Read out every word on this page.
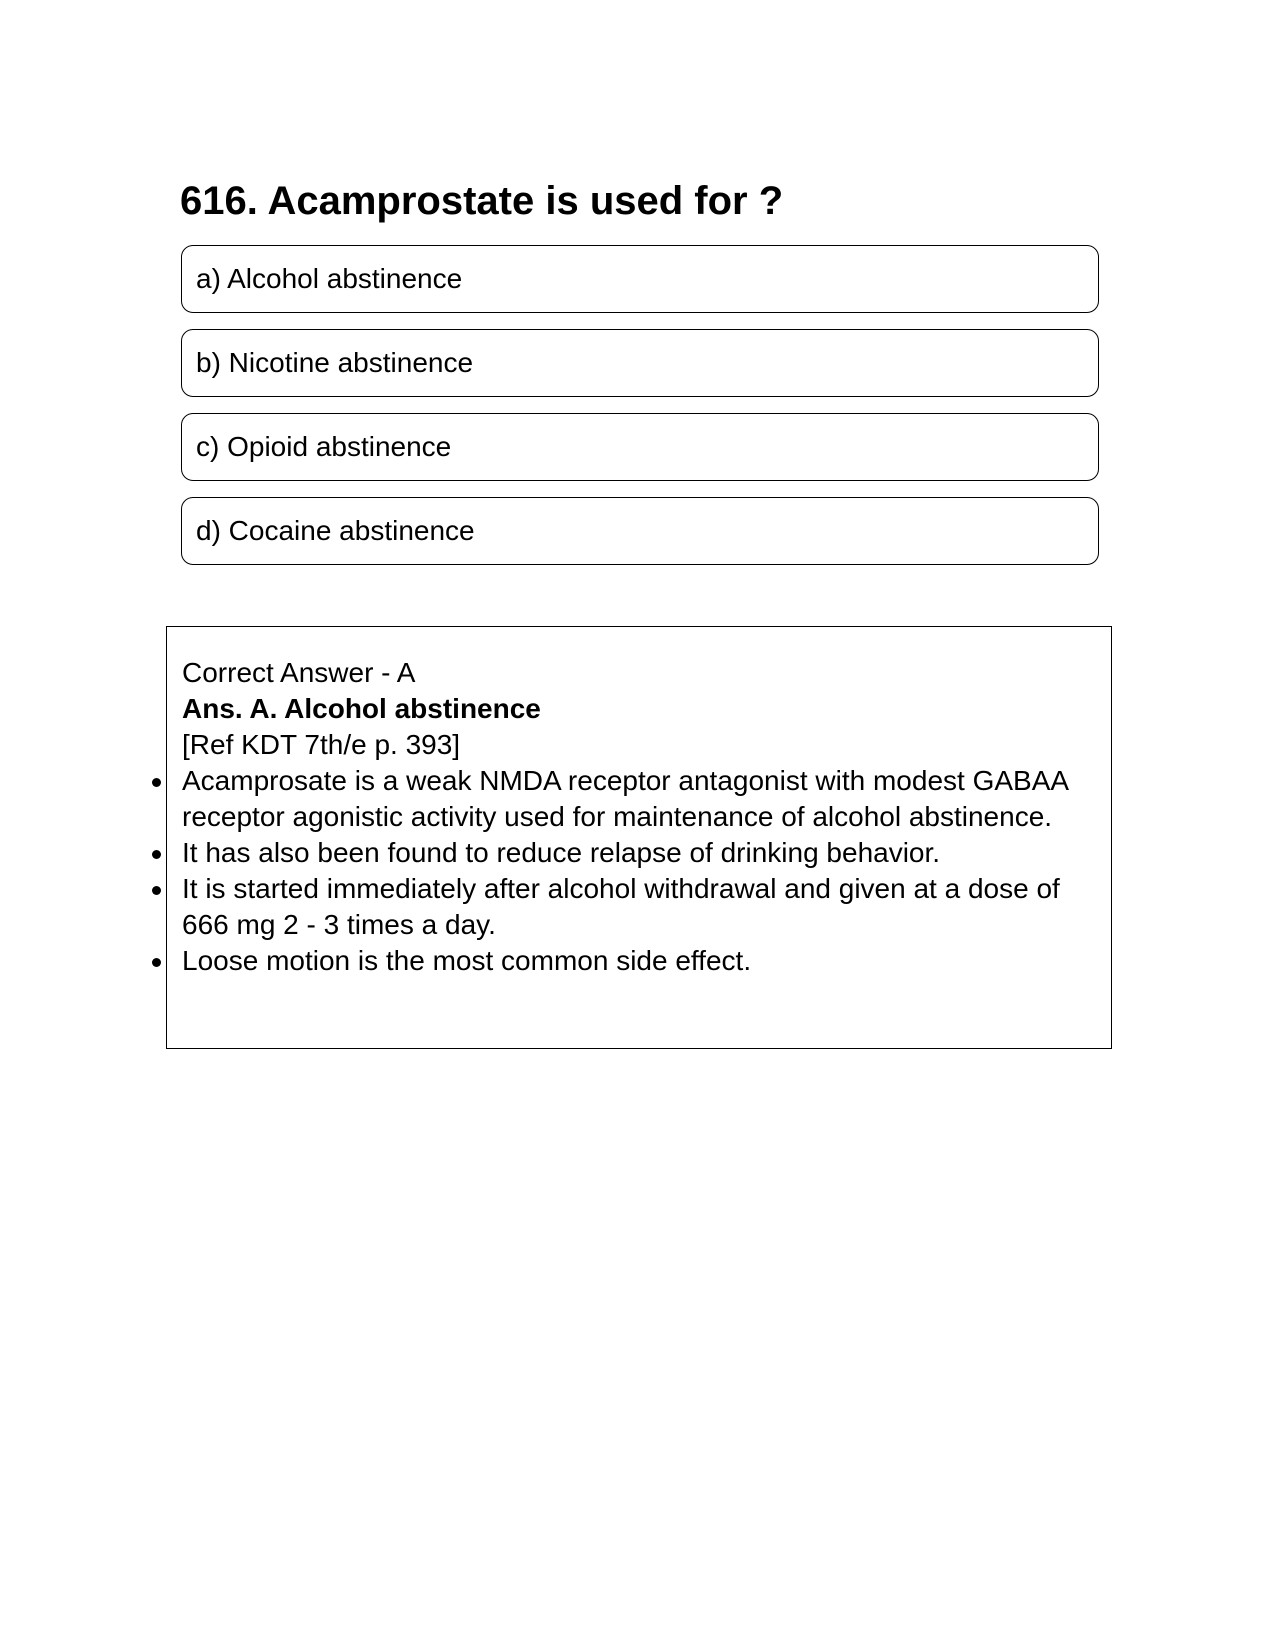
616. Acamprostate is used for ?
a) Alcohol abstinence
b) Nicotine abstinence
c) Opioid abstinence
d) Cocaine abstinence
Correct Answer - A
Ans. A. Alcohol abstinence
[Ref KDT 7th/e p. 393]
Acamprosate is a weak NMDA receptor antagonist with modest GABAA receptor agonistic activity used for maintenance of alcohol abstinence.
It has also been found to reduce relapse of drinking behavior.
It is started immediately after alcohol withdrawal and given at a dose of 666 mg 2 - 3 times a day.
Loose motion is the most common side effect.
